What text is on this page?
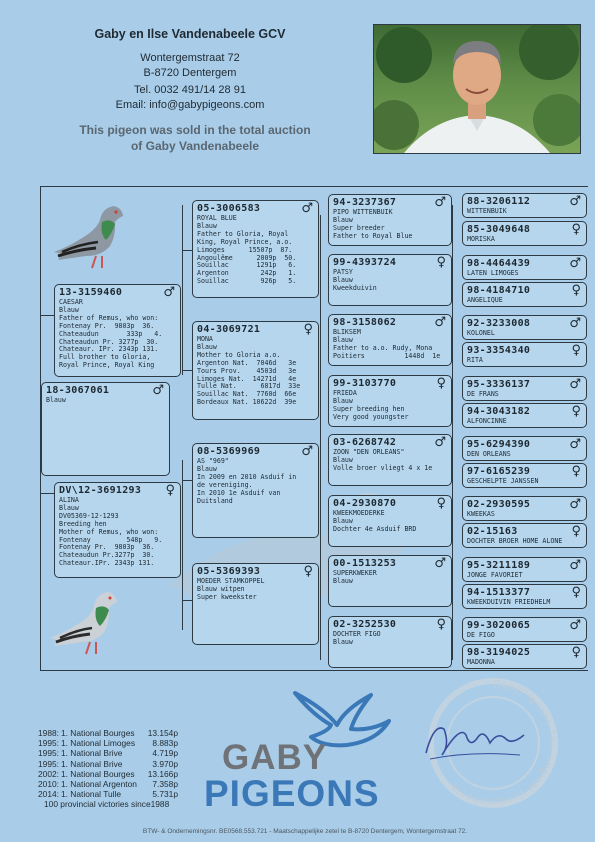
Gaby en Ilse Vandenabeele GCV
Wontergemstraat 72
B-8720 Dentergem
Tel. 0032 491/14 28 91
Email: info@gabypigeons.com
This pigeon was sold in the total auction
of Gaby Vandenabeele
18-3067061	♂
Blauw
13-3159460	♂
CAESAR
Blauw
Father of Remus, who won:
Fontenay Pr.  9803p  36.
Chateaudun       333p   4.
Chateaudun Pr. 3277p  30.
Chateaur. IPr. 2343p 131.
Full brother to Gloria,
Royal Prince, Royal King
DV\12-3691293	♀
ALINA
Blauw
DV05369-12-1293
Breeding hen
Mother of Remus, who won:
Fontenay         548p   9.
Fontenay Pr.  9803p  36.
Chateaudun Pr.3277p  30.
Chateaur.IPr. 2343p 131.
05-3006583	♂
ROYAL BLUE
Blauw
Father to Gloria, Royal
King, Royal Prince, a.o.
Limoges      15507p  87.
Angoulême      2009p  50.
Souillac       1291p   6.
Argenton        242p   1.
Souillac        926p   5.
04-3069721	♀
MONA
Blauw
Mother to Gloria a.o.
Argenton Nat.  7046d   3e
Tours Prov.    4503d   3e
Limoges Nat.  14271d   4e
Tulle Nat.      6817d  33e
Souillac Nat.  7760d  66e
Bordeaux Nat. 10622d  39e
08-5369969	♂
AS "969"
Blauw
In 2009 en 2010 Asduif in
de vereniging.
In 2010 1e Asduif van
Duitsland
05-5369393	♀
MOEDER STAMKOPPEL
Blauw witpen
Super kweekster
94-3237367	♂
PIPO WITTENBUIK
Blauw
Super breeder
Father to Royal Blue
99-4393724	♀
PATSY
Blauw
Kweekduivin
98-3158062	♂
BLIKSEM
Blauw
Father to a.o. Rudy, Mona
Poitiers          1448d  1e
99-3103770	♀
FRIEDA
Blauw
Super breeding hen
Very good youngster
03-6268742	♂
ZOON "DEN ORLEANS"
Blauw
Volle broer vliegt 4 x 1e
04-2930870	♀
KWEEKMOEDERKE
Blauw
Dochter 4e Asduif BRD
00-1513253	♂
SUPERKWEKER
Blauw
02-3252530	♀
DOCHTER FIGO
Blauw
88-3206112	♂
WITTENBUIK
85-3049648	♀
MORISKA
98-4464439	♂
LATEN LIMOGES
98-4184710	♀
ANGELIQUE
92-3233008	♂
KOLONEL
93-3354340	♀
RITA
95-3336137	♂
DE FRANS
94-3043182	♀
ALFONCINNE
95-6294390	♂
DEN ORLEANS
97-6165239	♀
GESCHELPTE JANSSEN
02-2930595	♂
KWEEKAS
02-15163	♀
DOCHTER BROER HOME ALONE
95-3211189	♂
JONGE FAVORIET
94-1513377	♀
KWEEKDUIVIN FRIEDHELM
99-3020065	♂
DE FIGO
98-3194025	♀
MADONNA
1988: 1. National Bourges 13.154p
1995: 1. National Limoges 8.883p
1995: 1. National Brive	4.719p
1995: 1. National Brive	3.970p
2002: 1. National Bourges 13.166p
2010: 1. National Argenton 7.358p
2014: 1. National Tulle	5.731p
100 provincial victories since1988
GABY
PIGEONS
GabyPigeons The original Vandenabeele
BTW- & Ondernemingsnr. BE0568.553.721 - Maatschappelijke zetel te B-8720 Dentergem, Wontergemstraat 72.
